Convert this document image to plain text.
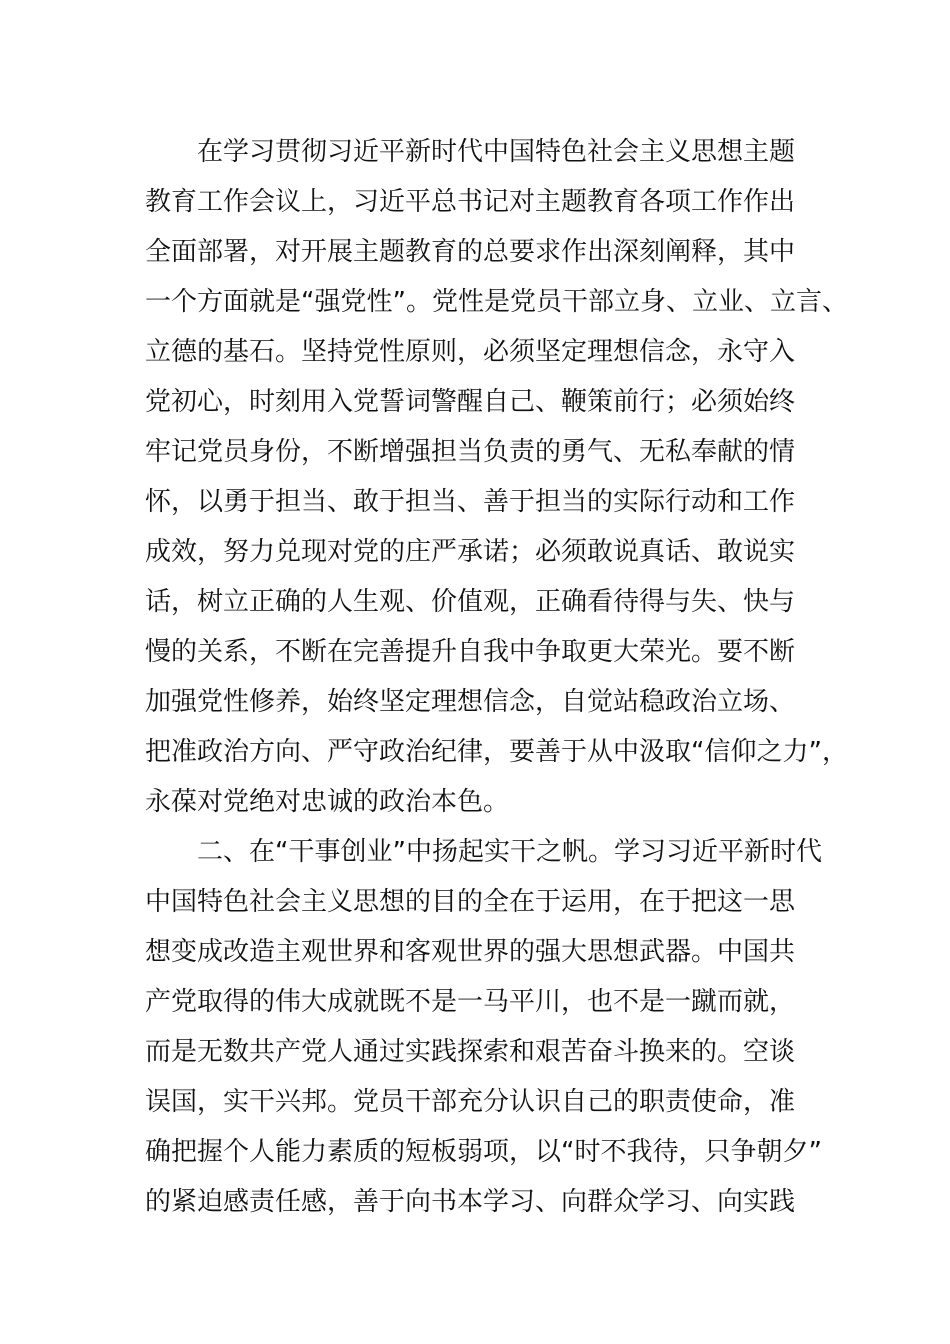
在学习贯彻习近平新时代中国特色社会主义思想主题
教育工作会议上，习近平总书记对主题教育各项工作作出
全面部署，对开展主题教育的总要求作出深刻阐释，其中
一个方面就是“强党性”。党性是党员干部立身、立业、立言、
立德的基石。坚持党性原则，必须坚定理想信念，永守入
党初心，时刻用入党誓词警醒自己、鞭策前行；必须始终
牢记党员身份，不断增强担当负责的勇气、无私奉献的情
怀，以勇于担当、敢于担当、善于担当的实际行动和工作
成效，努力兑现对党的庄严承诺；必须敢说真话、敢说实
话，树立正确的人生观、价值观，正确看待得与失、快与
慢的关系，不断在完善提升自我中争取更大荣光。要不断
加强党性修养，始终坚定理想信念，自觉站稳政治立场、
把准政治方向、严守政治纪律，要善于从中汲取“信仰之力”，
永葆对党绝对忠诚的政治本色。
二、在“干事创业”中扬起实干之帆。学习习近平新时代
中国特色社会主义思想的目的全在于运用，在于把这一思
想变成改造主观世界和客观世界的强大思想武器。中国共
产党取得的伟大成就既不是一马平川，也不是一蹴而就，
而是无数共产党人通过实践探索和艰苦奋斗换来的。空谈
误国，实干兴邦。党员干部充分认识自己的职责使命，准
确把握个人能力素质的短板弱项，以“时不我待，只争朝夕”
的紧迫感责任感，善于向书本学习、向群众学习、向实践
